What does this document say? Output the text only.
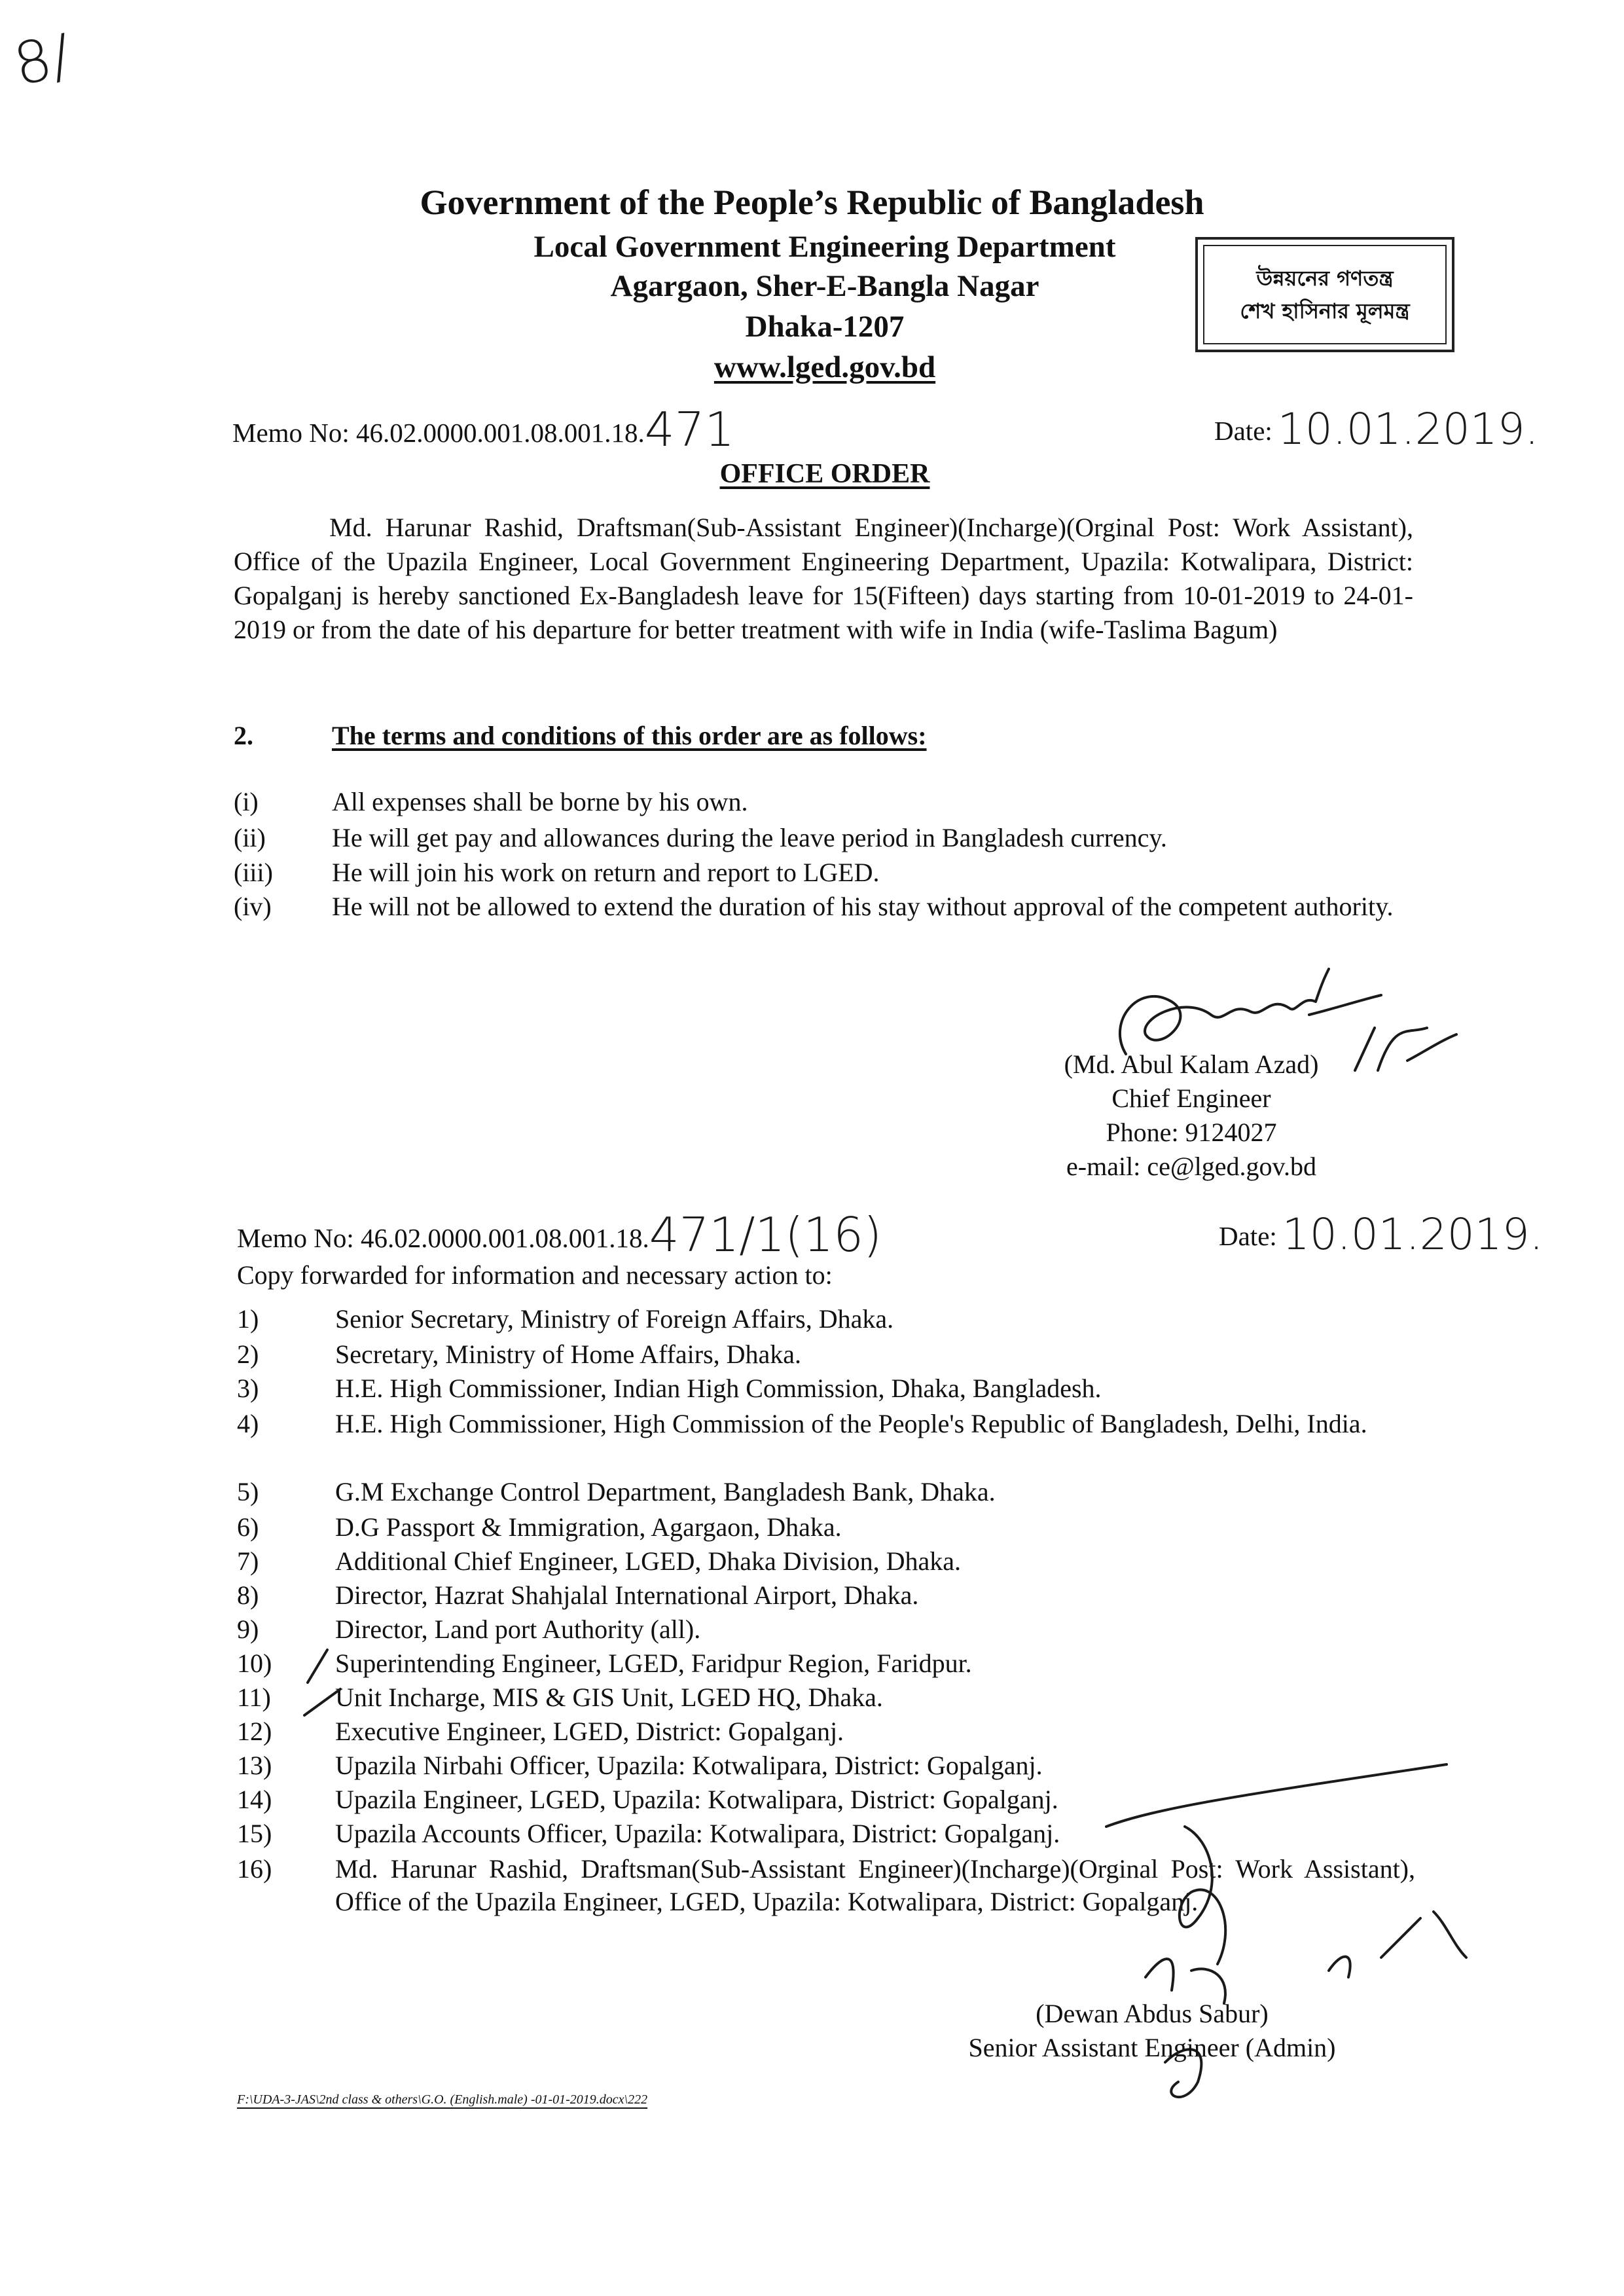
8/
Government of the People’s Republic of Bangladesh
Local Government Engineering Department
Agargaon, Sher-E-Bangla Nagar
Dhaka-1207
www.lged.gov.bd
উন্নয়নের গণতন্ত্র
শেখ হাসিনার মূলমন্ত্র
Memo No: 46.02.0000.001.08.001.18.471	Date: 10.01.2019.
OFFICE ORDER
Md. Harunar Rashid, Draftsman(Sub-Assistant Engineer)(Incharge)(Orginal Post: Work Assistant), Office of the Upazila Engineer, Local Government Engineering Department, Upazila: Kotwalipara, District: Gopalganj is hereby sanctioned Ex-Bangladesh leave for 15(Fifteen) days starting from 10-01-2019 to 24-01-2019 or from the date of his departure for better treatment with wife in India (wife-Taslima Bagum)
2.	The terms and conditions of this order are as follows:
(i)	All expenses shall be borne by his own.
(ii)	He will get pay and allowances during the leave period in Bangladesh currency.
(iii)	He will join his work on return and report to LGED.
(iv)	He will not be allowed to extend the duration of his stay without approval of the competent authority.
(Md. Abul Kalam Azad)
Chief Engineer
Phone: 9124027
e-mail: ce@lged.gov.bd
Memo No: 46.02.0000.001.08.001.18.471/1(16)	Date: 10.01.2019.
Copy forwarded for information and necessary action to:
1)	Senior Secretary, Ministry of Foreign Affairs, Dhaka.
2)	Secretary, Ministry of Home Affairs, Dhaka.
3)	H.E. High Commissioner, Indian High Commission, Dhaka, Bangladesh.
4)	H.E. High Commissioner, High Commission of the People's Republic of Bangladesh, Delhi, India.
5)	G.M Exchange Control Department, Bangladesh Bank, Dhaka.
6)	D.G Passport & Immigration, Agargaon, Dhaka.
7)	Additional Chief Engineer, LGED, Dhaka Division, Dhaka.
8)	Director, Hazrat Shahjalal International Airport, Dhaka.
9)	Director, Land port Authority (all).
10)	Superintending Engineer, LGED, Faridpur Region, Faridpur.
11)	Unit Incharge, MIS & GIS Unit, LGED HQ, Dhaka.
12)	Executive Engineer, LGED, District: Gopalganj.
13)	Upazila Nirbahi Officer, Upazila: Kotwalipara, District: Gopalganj.
14)	Upazila Engineer, LGED, Upazila: Kotwalipara, District: Gopalganj.
15)	Upazila Accounts Officer, Upazila: Kotwalipara, District: Gopalganj.
16)	Md. Harunar Rashid, Draftsman(Sub-Assistant Engineer)(Incharge)(Orginal Post: Work Assistant), Office of the Upazila Engineer, LGED, Upazila: Kotwalipara, District: Gopalganj.
(Dewan Abdus Sabur)
Senior Assistant Engineer (Admin)
F:\UDA-3-JAS\2nd class & others\G.O. (English.male) -01-01-2019.docx\222
